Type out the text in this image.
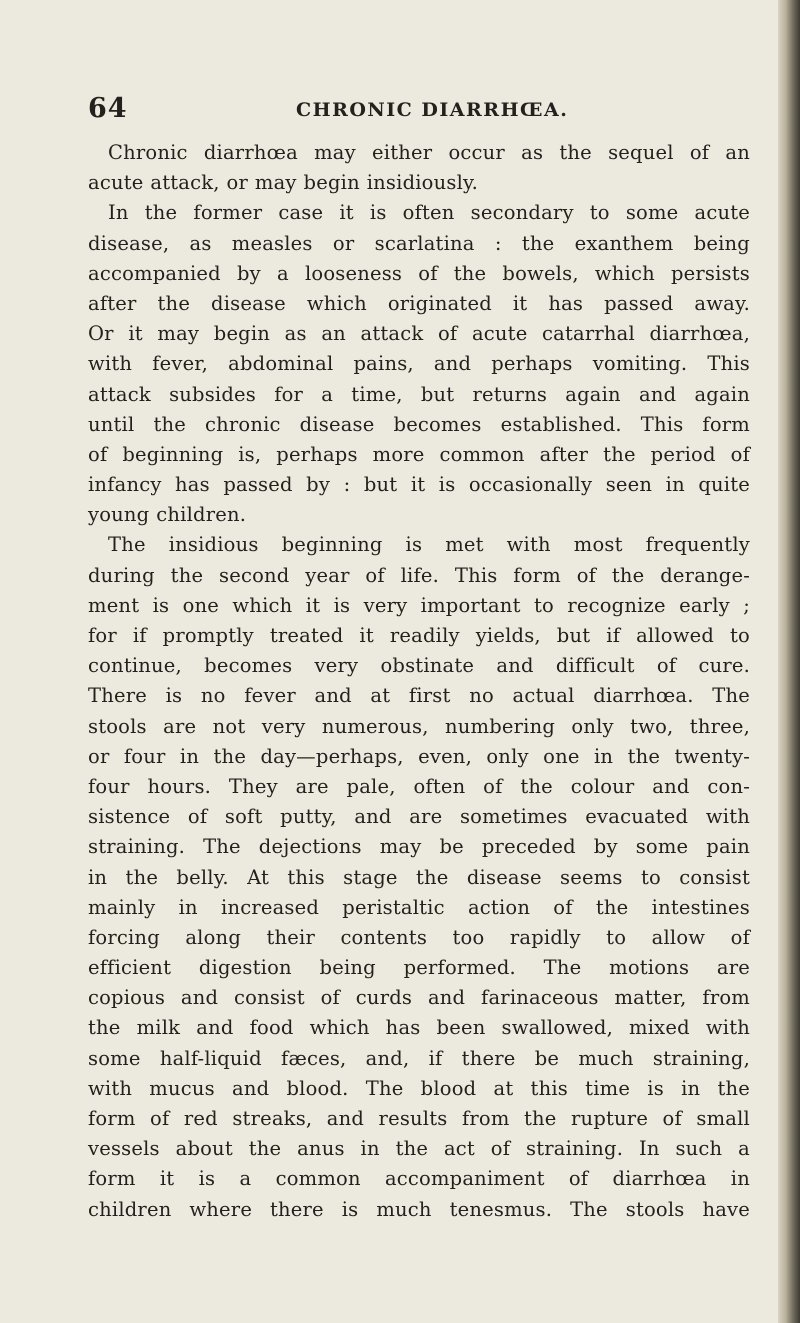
64	CHRONIC DIARRHŒA.
Chronic diarrhœa may either occur as the sequel of an
acute attack, or may begin insidiously.
In the former case it is often secondary to some acute
disease, as measles or scarlatina : the exanthem being
accompanied by a looseness of the bowels, which persists
after the disease which originated it has passed away.
Or it may begin as an attack of acute catarrhal diarrhœa,
with fever, abdominal pains, and perhaps vomiting. This
attack subsides for a time, but returns again and again
until the chronic disease becomes established. This form
of beginning is, perhaps more common after the period of
infancy has passed by : but it is occasionally seen in quite
young children.
The insidious beginning is met with most frequently
during the second year of life. This form of the derange-
ment is one which it is very important to recognize early ;
for if promptly treated it readily yields, but if allowed to
continue, becomes very obstinate and difficult of cure.
There is no fever and at first no actual diarrhœa. The
stools are not very numerous, numbering only two, three,
or four in the day—perhaps, even, only one in the twenty-
four hours. They are pale, often of the colour and con-
sistence of soft putty, and are sometimes evacuated with
straining. The dejections may be preceded by some pain
in the belly. At this stage the disease seems to consist
mainly in increased peristaltic action of the intestines
forcing along their contents too rapidly to allow of
efficient digestion being performed. The motions are
copious and consist of curds and farinaceous matter, from
the milk and food which has been swallowed, mixed with
some half-liquid fæces, and, if there be much straining,
with mucus and blood. The blood at this time is in the
form of red streaks, and results from the rupture of small
vessels about the anus in the act of straining. In such a
form it is a common accompaniment of diarrhœa in
children where there is much tenesmus. The stools have
